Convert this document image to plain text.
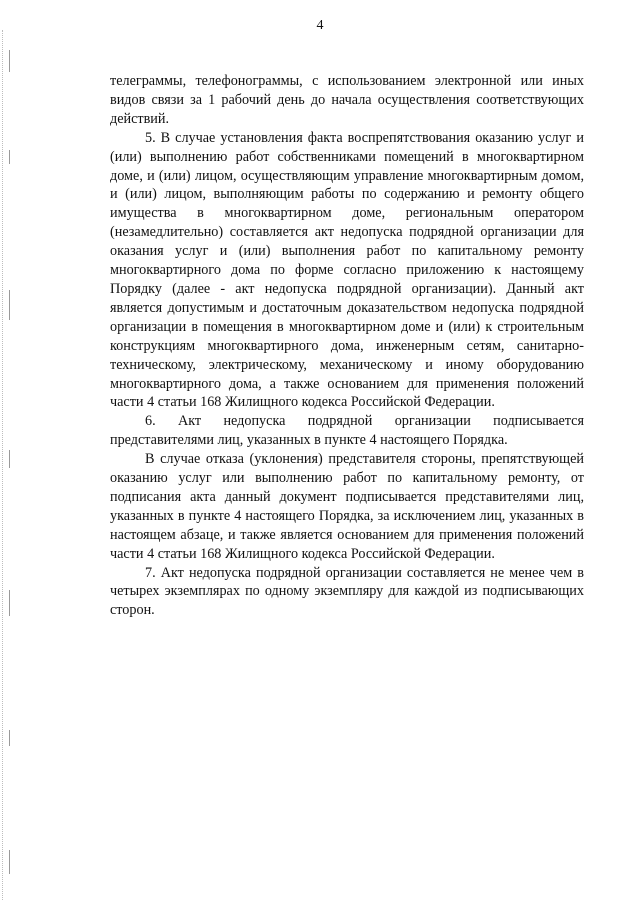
4

телеграммы, телефонограммы, с использованием электронной или иных видов связи за 1 рабочий день до начала осуществления соответствующих действий.

5. В случае установления факта воспрепятствования оказанию услуг и (или) выполнению работ собственниками помещений в многоквартирном доме, и (или) лицом, осуществляющим управление многоквартирным домом, и (или) лицом, выполняющим работы по содержанию и ремонту общего имущества в многоквартирном доме, региональным оператором (незамедлительно) составляется акт недопуска подрядной организации для оказания услуг и (или) выполнения работ по капитальному ремонту многоквартирного дома по форме согласно приложению к настоящему Порядку (далее - акт недопуска подрядной организации). Данный акт является допустимым и достаточным доказательством недопуска подрядной организации в помещения в многоквартирном доме и (или) к строительным конструкциям многоквартирного дома, инженерным сетям, санитарно-техническому, электрическому, механическому и иному оборудованию многоквартирного дома, а также основанием для применения положений части 4 статьи 168 Жилищного кодекса Российской Федерации.

6. Акт недопуска подрядной организации подписывается представителями лиц, указанных в пункте 4 настоящего Порядка.

В случае отказа (уклонения) представителя стороны, препятствующей оказанию услуг или выполнению работ по капитальному ремонту, от подписания акта данный документ подписывается представителями лиц, указанных в пункте 4 настоящего Порядка, за исключением лиц, указанных в настоящем абзаце, и также является основанием для применения положений части 4 статьи 168 Жилищного кодекса Российской Федерации.

7. Акт недопуска подрядной организации составляется не менее чем в четырех экземплярах по одному экземпляру для каждой из подписывающих сторон.
